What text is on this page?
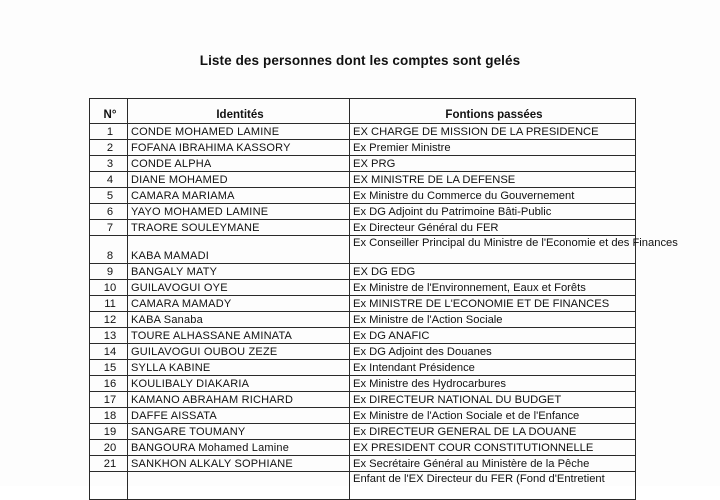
Liste des personnes dont les comptes sont gelés
N°	Identités	Fontions passées
1	CONDE MOHAMED LAMINE	EX CHARGE DE MISSION DE LA PRESIDENCE
2	FOFANA IBRAHIMA KASSORY	Ex Premier Ministre
3	CONDE ALPHA	EX PRG
4	DIANE MOHAMED	EX MINISTRE DE LA DEFENSE
5	CAMARA MARIAMA	Ex Ministre du Commerce du Gouvernement
6	YAYO MOHAMED LAMINE	Ex DG Adjoint du Patrimoine Bâti-Public
7	TRAORE SOULEYMANE	Ex Directeur Général du FER
8	KABA MAMADI	Ex Conseiller Principal du Ministre de l'Economie et des Finances
9	BANGALY MATY	EX DG EDG
10	GUILAVOGUI OYE	Ex Ministre de l'Environnement, Eaux et Forêts
11	CAMARA MAMADY	Ex MINISTRE DE L'ECONOMIE ET DE FINANCES
12	KABA Sanaba	Ex Ministre de l'Action Sociale
13	TOURE ALHASSANE AMINATA	Ex DG ANAFIC
14	GUILAVOGUI OUBOU ZEZE	Ex DG Adjoint des Douanes
15	SYLLA KABINE	Ex Intendant Présidence
16	KOULIBALY DIAKARIA	Ex Ministre des Hydrocarbures
17	KAMANO ABRAHAM RICHARD	Ex DIRECTEUR NATIONAL DU BUDGET
18	DAFFE AISSATA	Ex Ministre de l'Action Sociale et de l'Enfance
19	SANGARE TOUMANY	Ex DIRECTEUR GENERAL DE LA DOUANE
20	BANGOURA Mohamed Lamine	EX PRESIDENT COUR CONSTITUTIONNELLE
21	SANKHON ALKALY SOPHIANE	Ex Secrétaire Général au Ministère de la Pêche
		Enfant de l'EX Directeur du FER (Fond d'Entretient
